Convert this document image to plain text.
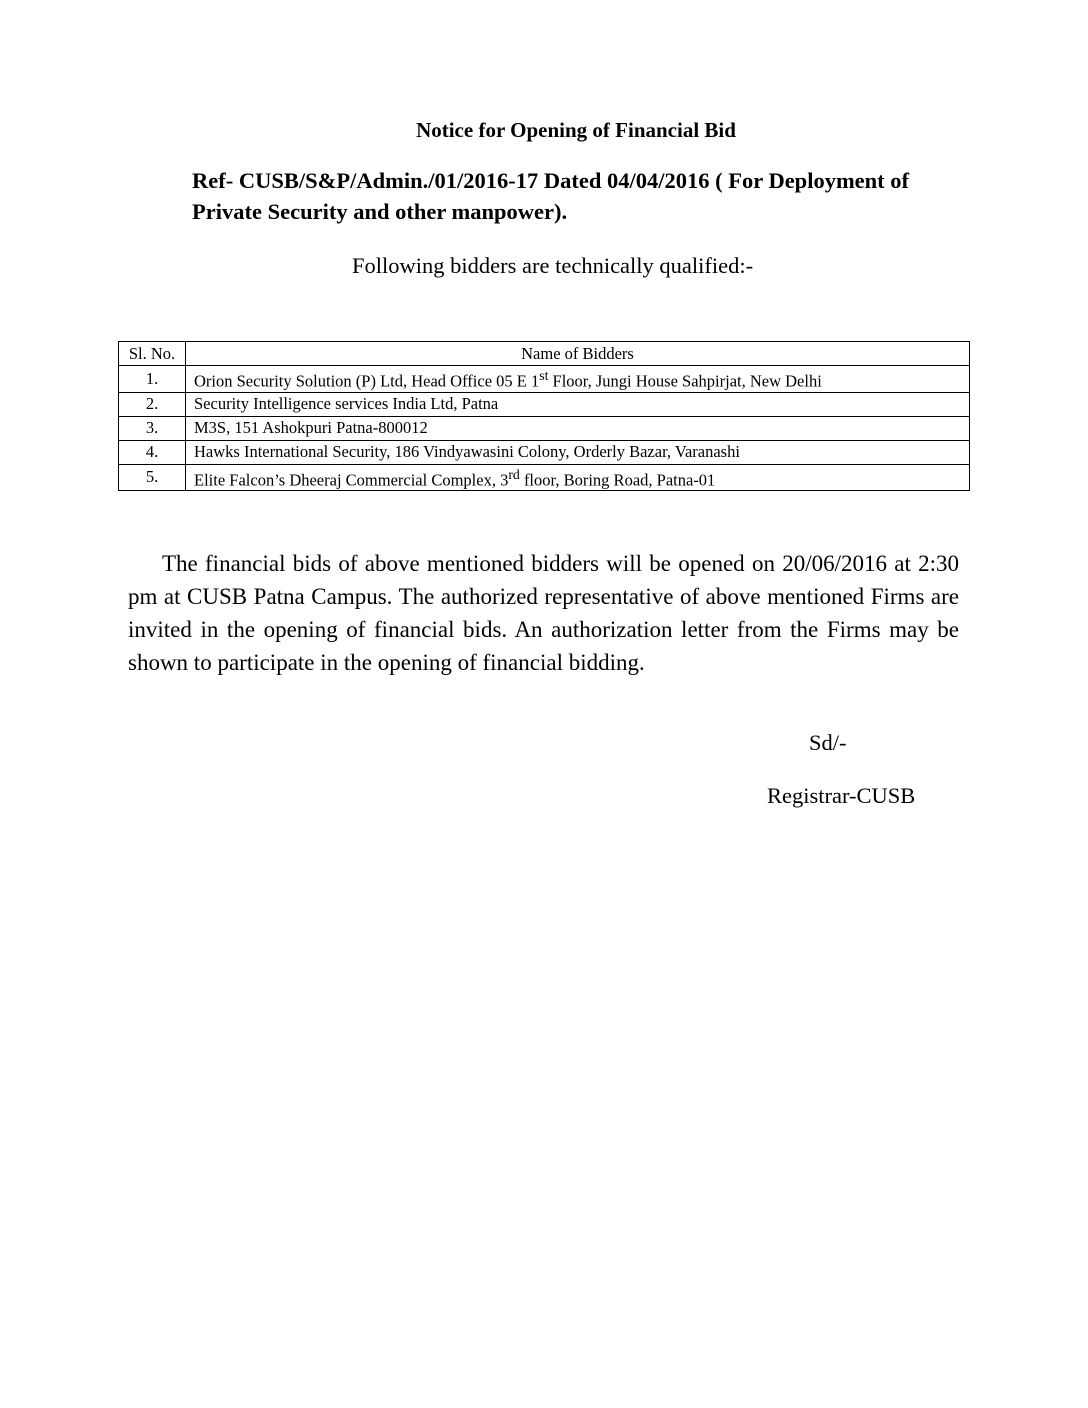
Notice for Opening of Financial Bid
Ref- CUSB/S&P/Admin./01/2016-17 Dated 04/04/2016 ( For Deployment of Private Security and other manpower).
Following bidders are technically qualified:-
Sl. No.	Name of Bidders
1.	Orion Security Solution (P) Ltd, Head Office 05 E 1st Floor, Jungi House Sahpirjat, New Delhi
2.	Security Intelligence services India Ltd, Patna
3.	M3S, 151 Ashokpuri Patna-800012
4.	Hawks International Security, 186 Vindyawasini Colony, Orderly Bazar, Varanashi
5.	Elite Falcon’s Dheeraj Commercial Complex, 3rd floor, Boring Road, Patna-01
The financial bids of above mentioned bidders will be opened on 20/06/2016 at 2:30 pm at CUSB Patna Campus. The authorized representative of above mentioned Firms are invited in the opening of financial bids. An authorization letter from the Firms may be shown to participate in the opening of financial bidding.
Sd/-
Registrar-CUSB
